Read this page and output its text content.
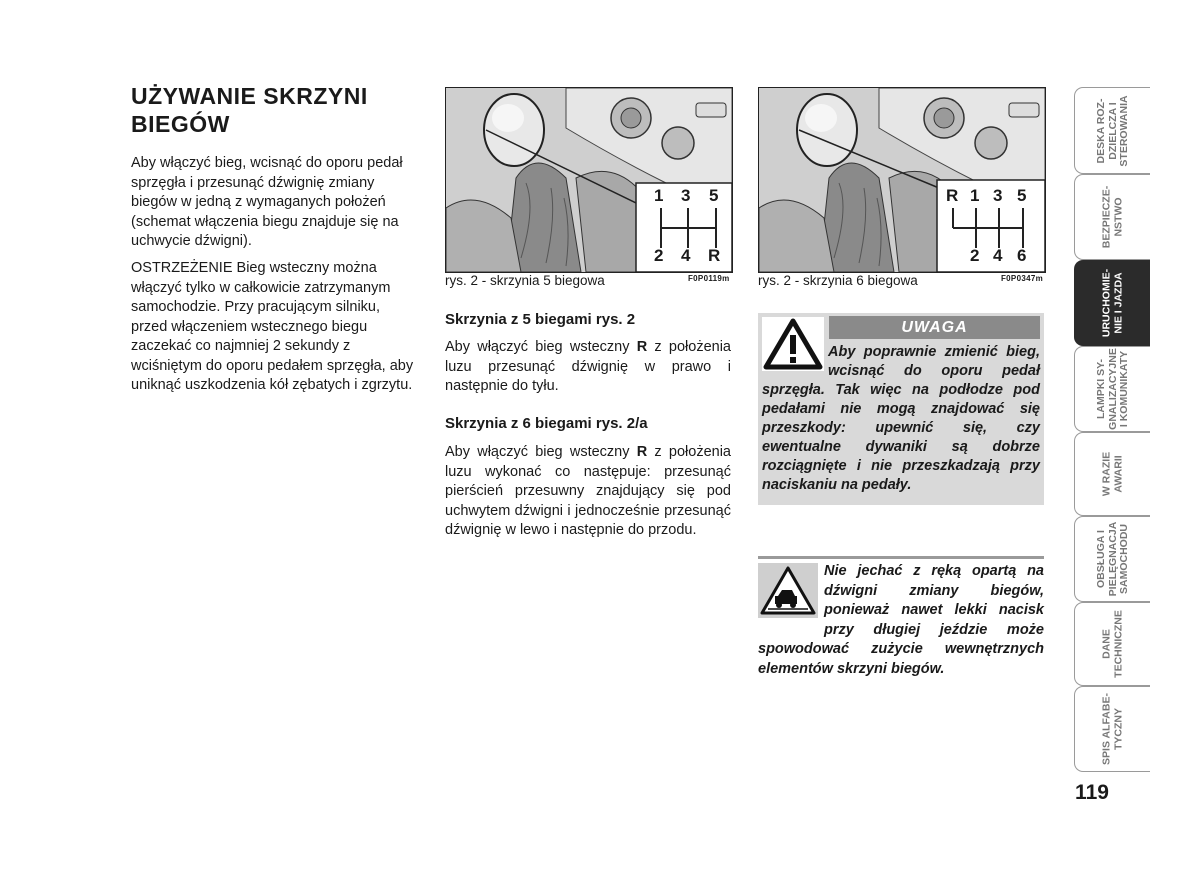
UŻYWANIE SKRZYNI BIEGÓW

Aby włączyć bieg, wcisnąć do oporu pedał sprzęgła i przesunąć dźwignię zmiany biegów w jedną z wymaganych położeń (schemat włączenia biegu znajduje się na uchwycie dźwigni).

OSTRZEŻENIE Bieg wsteczny można włączyć tylko w całkowicie zatrzymanym samochodzie. Przy pracującym silniku, przed włączeniem wstecznego biegu zaczekać co najmniej 2 sekundy z wciśniętym do oporu pedałem sprzęgła, aby uniknąć uszkodzenia kół zębatych i zgrzytu.

1 3 5
2 4 R
rys. 2 - skrzynia 5 biegowa	F0P0119m
R 1 3 5
2 4 6
rys. 2 - skrzynia 6 biegowa	F0P0347m
Skrzynia z 5 biegami rys. 2

Aby włączyć bieg wsteczny R z położenia luzu przesunąć dźwignię w prawo i następnie do tyłu.

Skrzynia z 6 biegami rys. 2/a

Aby włączyć bieg wsteczny R z położenia luzu wykonać co następuje: przesunąć pierścień przesuwny znajdujący się pod uchwytem dźwigni i jednocześnie przesunąć dźwignię w lewo i następnie do przodu.

UWAGA

Aby poprawnie zmienić bieg, wcisnąć do oporu pedał sprzęgła. Tak więc na podłodze pod pedałami nie mogą znajdować się przeszkody: upewnić się, czy ewentualne dywaniki są dobrze rozciągnięte i nie przeszkadzają przy naciskaniu na pedały.

Nie jechać z ręką opartą na dźwigni zmiany biegów, ponieważ nawet lekki nacisk przy długiej jeździe może spowodować zużycie wewnętrznych elementów skrzyni biegów.

DESKA ROZ-
DZIELCZA I
STEROWANIA
BEZPIECZE-
NSTWO
URUCHOMIE-
NIE I JAZDA
LAMPKI SY-
GNALIZACYJNE
I KOMUNIKATY
W RAZIE
AWARII
OBSŁUGA I
PIELĘGNACJA
SAMOCHODU
DANE
TECHNICZNE
SPIS ALFABE-
TYCZNY
119
